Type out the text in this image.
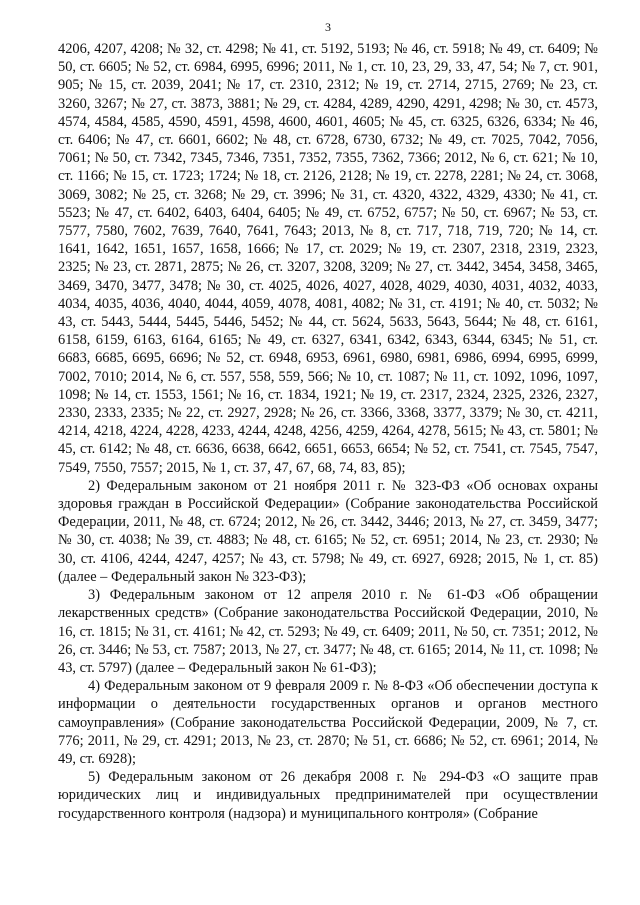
3

4206, 4207, 4208; № 32, ст. 4298; № 41, ст. 5192, 5193; № 46, ст. 5918; № 49, ст. 6409; № 50, ст. 6605; № 52, ст. 6984, 6995, 6996; 2011, № 1, ст. 10, 23, 29, 33, 47, 54; № 7, ст. 901, 905; № 15, ст. 2039, 2041; № 17, ст. 2310, 2312; № 19, ст. 2714, 2715, 2769; № 23, ст. 3260, 3267; № 27, ст. 3873, 3881; № 29, ст. 4284, 4289, 4290, 4291, 4298; № 30, ст. 4573, 4574, 4584, 4585, 4590, 4591, 4598, 4600, 4601, 4605; № 45, ст. 6325, 6326, 6334; № 46, ст. 6406; № 47, ст. 6601, 6602; № 48, ст. 6728, 6730, 6732; № 49, ст. 7025, 7042, 7056, 7061; № 50, ст. 7342, 7345, 7346, 7351, 7352, 7355, 7362, 7366; 2012, № 6, ст. 621; № 10, ст. 1166; № 15, ст. 1723; 1724; № 18, ст. 2126, 2128; № 19, ст. 2278, 2281; № 24, ст. 3068, 3069, 3082; № 25, ст. 3268; № 29, ст. 3996; № 31, ст. 4320, 4322, 4329, 4330; № 41, ст. 5523; № 47, ст. 6402, 6403, 6404, 6405; № 49, ст. 6752, 6757; № 50, ст. 6967; № 53, ст. 7577, 7580, 7602, 7639, 7640, 7641, 7643; 2013, № 8, ст. 717, 718, 719, 720; № 14, ст. 1641, 1642, 1651, 1657, 1658, 1666; № 17, ст. 2029; № 19, ст. 2307, 2318, 2319, 2323, 2325; № 23, ст. 2871, 2875; № 26, ст. 3207, 3208, 3209; № 27, ст. 3442, 3454, 3458, 3465, 3469, 3470, 3477, 3478; № 30, ст. 4025, 4026, 4027, 4028, 4029, 4030, 4031, 4032, 4033, 4034, 4035, 4036, 4040, 4044, 4059, 4078, 4081, 4082; № 31, ст. 4191; № 40, ст. 5032; № 43, ст. 5443, 5444, 5445, 5446, 5452; № 44, ст. 5624, 5633, 5643, 5644; № 48, ст. 6161, 6158, 6159, 6163, 6164, 6165; № 49, ст. 6327, 6341, 6342, 6343, 6344, 6345; № 51, ст. 6683, 6685, 6695, 6696; № 52, ст. 6948, 6953, 6961, 6980, 6981, 6986, 6994, 6995, 6999, 7002, 7010; 2014, № 6, ст. 557, 558, 559, 566; № 10, ст. 1087; № 11, ст. 1092, 1096, 1097, 1098; № 14, ст. 1553, 1561; № 16, ст. 1834, 1921; № 19, ст. 2317, 2324, 2325, 2326, 2327, 2330, 2333, 2335; № 22, ст. 2927, 2928; № 26, ст. 3366, 3368, 3377, 3379; № 30, ст. 4211, 4214, 4218, 4224, 4228, 4233, 4244, 4248, 4256, 4259, 4264, 4278, 5615; № 43, ст. 5801; № 45, ст. 6142; № 48, ст. 6636, 6638, 6642, 6651, 6653, 6654; № 52, ст. 7541, ст. 7545, 7547, 7549, 7550, 7557; 2015, № 1, ст. 37, 47, 67, 68, 74, 83, 85);

2) Федеральным законом от 21 ноября 2011 г. № 323-ФЗ «Об основах охраны здоровья граждан в Российской Федерации» (Собрание законодательства Российской Федерации, 2011, № 48, ст. 6724; 2012, № 26, ст. 3442, 3446; 2013, № 27, ст. 3459, 3477; № 30, ст. 4038; № 39, ст. 4883; № 48, ст. 6165; № 52, ст. 6951; 2014, № 23, ст. 2930; № 30, ст. 4106, 4244, 4247, 4257; № 43, ст. 5798; № 49, ст. 6927, 6928; 2015, № 1, ст. 85) (далее – Федеральный закон № 323-ФЗ);

3) Федеральным законом от 12 апреля 2010 г. № 61-ФЗ «Об обращении лекарственных средств» (Собрание законодательства Российской Федерации, 2010, № 16, ст. 1815; № 31, ст. 4161; № 42, ст. 5293; № 49, ст. 6409; 2011, № 50, ст. 7351; 2012, № 26, ст. 3446; № 53, ст. 7587; 2013, № 27, ст. 3477; № 48, ст. 6165; 2014, № 11, ст. 1098; № 43, ст. 5797) (далее – Федеральный закон № 61-ФЗ);

4) Федеральным законом от 9 февраля 2009 г. № 8-ФЗ «Об обеспечении доступа к информации о деятельности государственных органов и органов местного самоуправления» (Собрание законодательства Российской Федерации, 2009, № 7, ст. 776; 2011, № 29, ст. 4291; 2013, № 23, ст. 2870; № 51, ст. 6686; № 52, ст. 6961; 2014, № 49, ст. 6928);

5) Федеральным законом от 26 декабря 2008 г. № 294-ФЗ «О защите прав юридических лиц и индивидуальных предпринимателей при осуществлении государственного контроля (надзора) и муниципального контроля» (Собрание
